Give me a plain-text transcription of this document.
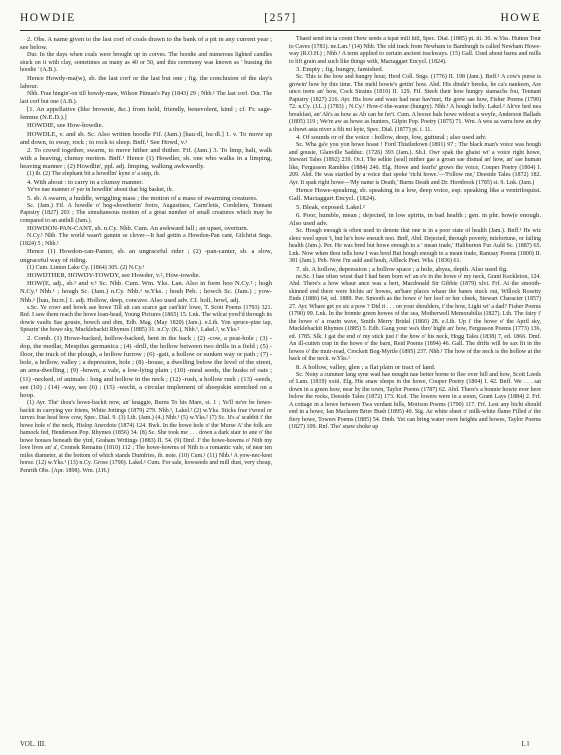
HOWDIE	[257]	HOWE

2. Obs. A name given to the last corf of coals drawn to the bank of a pit in any current year ; see below.

Dur. In the days when coals were brought up in corves. The hoodie and numerous lighted candles stuck on it with clay, sometimes as many as 40 or 50, and this ceremony was known as ' bussing the hoodie ' (A.B.).

Hence Howdy-ma(w), sb. the last corf or the last but one ; fig. the conclusion of the day's labour.

Nhb. Frae hingin'-on till howdy-maw, Wilson Pitman's Pay (1843) 29 ; Nhb.¹ The last corf. Dur. The last corf but one (A.B.).

[1. An appellative (like brownie, &c.) from hold, friendly, benevolent, kind ; cf. Fr. sage-femme (N.E.D.).]

HOWDIE, see How-howdie.

HOWDLE, v. and sb. Sc. Also written hoodle Fif. (Jam.) [hau·dl, hu·dl.] 1. v. To move up and down, to sway, rock ; to rock to sleep. Bnff.¹ See Howd, v.¹

2. To crowd together, swarm, to move hither and thither. Fif. (Jam.) 3. To limp, halt, walk with a heaving, clumsy motion. Bnff.¹ Hence (1) Howdler, sb. one who walks in a limping, heaving manner ; (2) Howdlin', ppl. adj. limping, walking awkwardly.

(1) ib. (2) The elephant bit a howdlin' kyne o' a step, ib.

4. With about : to carry in a clumsy manner.

Ye've nae manner o' yer in howdlin' about that big basket, ib.

5. sb. A swarm, a huddle, wriggling mass ; the motion of a mass of swarming creatures.

Sc. (Jam.) Fif. A howdle o' hog-showtherin' freirs, Augustines, Carm'leits, Cordeliers, Tennant Papistry (1827) 203 ; The simultaneous motion of a great number of small creatures which may be compared to an anthill (Jam.).

HOWDON-PAN-CANT, sb. n.Cy. Nhb. Cum. An awkward fall ; an upset, overturn.

N.Cy.¹ Nhb. The world wasn't gannin se clever—It had gettin a Howdon-Pan cant, Gilchrist Sngs. (1824) 5 ; Nhb.¹

Hence (1) Howdon-can-Panter, sb. an ungraceful rider ; (2) -pan-canter, sb. a slow, ungraceful way of riding.

(1) Cum. Linton Lake Cy. (1864) 305. (2) N.Cy.¹

HOWDTHER, HOWDY-TOWDY, see Howder, v.², How-towdie.

HOW(E, adj., sb.¹ and v.¹ Sc. Nhb. Cum. Wm. Yks. Lan. Also in form hoo N.Cy.¹ ; hogh N.Cy.¹ Nhb.¹ ; hough Sc. (Jam.) n.Cy. Nhb.¹ w.Yks. ; houh Peb. ; howch Sc. (Jam.) ; yow- Nhb.¹ [hau, hu:ʊ.] 1. adj. Hollow, deep, concave. Also used adv. Cf. holl, howl, adj.

s.Sc. Ye cowr and howk sae howe Till ait can scarce gar can'kin' lowe, T. Scott Poems (1793) 321. Rnf. I saw them reach the howe loan-head, Young Pictures (1865) 15. Lnk. The wilcat yowl'd through its dowie vaults Sae gousie, howch and dim, Edb. Mag. (May 1820) (Jam.). e.Lth. Yon spruce-pine tap, Spearin' the howe sky, Mucklebackit Rhymes (1885) 31. n.Cy. (K.), Nhb.¹, Lakel.², w.Yks.²

2. Comb. (1) Howe-backed, hollow-backed, bent in the back ; (2) -cow, a peat-hole ; (3) -dop, the medlar, Mespilus germanica ; (4) -drill, the hollow between two drills in a field ; (5) -floor, the track of the plough, a hollow furrow ; (6) -gait, a hollow or sunken way or path ; (7) -hole, a hollow, valley ; a depression, hole ; (8) -house, a dwelling below the level of the street, an area-dwelling ; (9) -howm, a vale, a low-lying plain ; (10) -meal seeds, the husks of oats ; (11) -necked, of animals : long and hollow in the neck ; (12) -rush, a hollow rush ; (13) -seeds, see (10) ; (14) -way, see (6) ; (15) -wecht, a circular implement of sheepskin stretched on a hoop.

(1) Ayr. The' thou's howe-backit now, an' knaggie, Burns To his Mare, st. 1 ; Ye'll ne'er be howe-backit in carrying yer friens, White Jottings (1879) 279. Nhb.¹, Lakel.² (2) w.Yks. Sticks frae t'wood or turves frae heaf how cow, Spec. Dial. 9. (3) Lth. (Jam.) (4.) Nhb.¹ (5) w.Yks.² (7) Sc. It's a' scabbit i' the howe hole o' the neck, Hislop Anecdote (1874) 124. Bwk. In the howe hole o' the Morse A' the folk are hamock fed, Henderson Pop. Rhymes (1856) 34. (8) Sc. She took me . . . down a dark stair to ane o' the howe houses beneath the yird, Graham Writings (1883) II. 54. (9) Dmf. I' the howe-howms o' Nith my love lives an' a', Cromek Remains (1810) 112 ; The howe-howms of Nith is a romantic vale, of near ten miles diameter, at the bottom of which stands Dumfries, ib. note. (10) Cum.¹ (11) Nhb.¹ A yow-nec-keet horse. (12) w.Yks.¹ (13) n.Cy. Grose (1790). Lakel.² Cum. For sale, howseeds and mill dust, very cheap, Penrith Obs. (Apr. 1898). Wm. (J.H.)

Thaed send im ta coont t'how seeds a tspat mill hill, Spec. Dial. (1885) pt. iii. 30. w.Yks. Hutton Tour to Caves (1781). ne.Lan.¹ (14) Nhb. The old track from Newham to Bamburgh is called Newham Howe-way (R.O.H.) ; Nhb.¹ A term applied to certain ancient trackways. (15) Gall. Used about barns and mills to lift grain and such like things with, Mactaggart Encycl. (1824).

3. Empty ; fig. hungry, famished.

Sc. This is the how and hungry hour, Herd Coll. Sngs. (1776) II. 198 (Jam.). Bnff.¹ A cow's purse is growin' how by this time. The mehl bowie's gettin' how. Abd. His dinda'r breeks, he ca's nankeen, Are unco teem an' how, Cock Strains (1810) II. 129. Fif. Steeh their how hungry stamachs fou, Tennant Papistry (1827) 216. Ayr. His how and waur had near hav'met, He grew sae how, Fisher Poems (1790) 72. n.Cy. (J.L.) (1783) ; N.Cy.¹ How-t'-the-wame (hungry). Nhb.¹ A hough belly. Lakel.² Ah've hed nea breakfast, an' Ah's as how as Ah can be fer't. Cum. A hoose hals howe widout a weyfe, Anderson Ballads (1805) 119 ; We're aw as howe as hunters, Gilpin Pop. Poetry (1875) 71. Wm. A wes sa varra how an dry a thowt asta niver a filt mi kyte, Spec. Dial. (1877) pt. i. 11.

4. Of sounds or of the voice : hollow, deep, low, guttural ; also used adv.

Sc. Wha ga'e you yon howe hoast ! Ford Thistledown (1891) 97 ; The black man's voice was hough and gousie, Glanville Sadduc. (1726) 393 (Jam.). Sh.I. Owr spak the ghaist wi' a voice right howe, Stewart Tales (1892) 239. Or.I. The selkie [seal] mither gae a groan sae dismal an' how, an' sae human like, Fergusson Rambles (1884) 246. Elg. Howe and fearfu' grows the voice, Couper Poetry (1804) I. 209. Abd. He was startled by a voice that spoke 'richt howe.'—'Follow me,' Deeside Tales (1872) 182. Ayr. It spak right howe—'My name is Death,' Burns Death and Dr. Hornbook (1785) st. 9. Lnk. (Jam.)

Hence Howe-speaking, sb. speaking in a low, deep voice, esp. speaking like a ventriloquist. Gall. Mactaggart Encycl. (1824).

5. Bleak, exposed. Lakel.²

6. Poor, humble, mean ; dejected, in low spirits, in bad health ; gen. in phr. how(e enough. Also used adv.

Sc. Hough enough is often used to denote that one is in a poor state of health (Jam.). Bnff.¹ He wiz sleez weel upon 't, but he's how eneuch noo. Bnff, Abd. Dejected, through poverty, misfortune, or failing health (Jam.). Per. He was bred but howe enough to a ' mean trade,' Haliburton Fur Auld Sc. (1887) 65. Lnk. Now when thou tells how I was bred But hough enough to a mean trade, Ramsay Poems (1800) II. 381 (Jam.). Peb. Now I'm auld and houh, Affleck Poet. Wks. (1836) 61.

7. sb. A hollow, depression ; a hollow space ; a hole, abyss, depth. Also used fig.

ne.Sc. I hae often wiust that I had been born wi' an e'e in the howe o' my neck, Grant Keckleton, 124. Abd. There's a how whaur ance was a hert, Macdonald Sir Gibbie (1879) xlvi. Frf. At the smooth-skinned end there were hichts an' howes, an'bare places whaur the banes stuck out, Willock Rosetty Ends (1886) 64, ed. 1889. Per. Smooth as the howe o' her loof or her cheek, Stewart Character (1857) 27. Ayr. Whare get ye sic a pow ? Did it . . . on your shoulders, i' the how, Light wi' a dad? Fisher Poems (1790) 99. Lnk. In the bonnie green howes of the sea, Motherwell Memorabilia (1827). Lth. The fairy i' the howe o' a roarin wave, Smith Merry Bridal (1866) 28. e.Lth. Up i' the howe o' the April sky, Mucklebackit Rhymes (1885) 5. Edb. Gang your wa's thro' hight an' how, Fergusson Poems (1773) 136, ed. 1785. Slk. I gat the end o' my stick just i' the how o' his neck, Hogg Tales (1838) 7, ed. 1866. Dmf. An ill-cutten crap in the howe o' the barn, Reid Poems (1894) 46. Gall. The drifts will be sax fit in the howes o' the muir-road, Crockett Bog-Myrtle (1895) 237. Nhb.¹ The how of the neck is the hollow at the back of the neck. w.Yks.¹

8. A hollow, valley, glen ; a flat plain or tract of land.

Sc. Nony a cummer lang syne wad hae nought nae better borne to flee over hill and how, Scott Leeds of Lam. (1819) xxiii. Elg. His snaw sleeps in the howe, Couper Poetry (1804) I. 42. Bnff. We . . . sat down in a green how, near by the town, Taylor Poems (1787) 62. Abd. There's a bonnie howie ever here below the rocks, Deeside Tales (1872) 173. Kcd. The lowers were in a soom, Grant Lays (1884) 2. Frf. A cottage in a howe between Twa verdant hills, Morison Poems (1790) 117. Frf. Lest any hicht should end in a howe, Ian Maclaren Brier Bush (1895) 40. Sig. Ae white sheet o' milk-white flame Filled a' the fiery howe, Towers Poems (1885) 54. Dmb. Yet can bring water owre heights and howes, Taylor Poems (1827) 109. Rnf. Tho' snaw choke up

VOL. III.	L l
